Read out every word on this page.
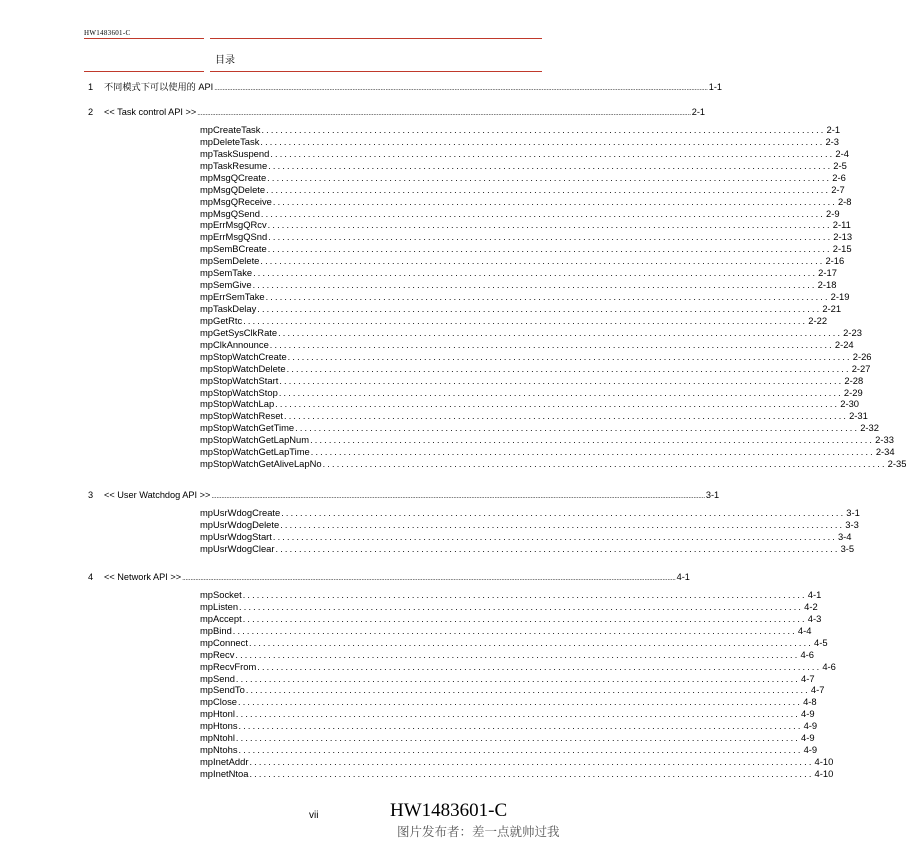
HW1483601-C
目录
1 不同模式下可以使用的 API ............................................................................................................................................................................................................................................................................................................ 1-1
2 << Task control API >> ............................................................................................................................................................................................................................................................................................................ 2-1
mpCreateTask ........................................................................................................................ 2-1
mpDeleteTask ........................................................................................................................ 2-3
mpTaskSuspend ........................................................................................................................ 2-4
mpTaskResume ........................................................................................................................ 2-5
mpMsgQCreate ........................................................................................................................ 2-6
mpMsgQDelete ........................................................................................................................ 2-7
mpMsgQReceive ........................................................................................................................ 2-8
mpMsgQSend ........................................................................................................................ 2-9
mpErrMsgQRcv ........................................................................................................................ 2-11
mpErrMsgQSnd ........................................................................................................................ 2-13
mpSemBCreate ........................................................................................................................ 2-15
mpSemDelete ........................................................................................................................ 2-16
mpSemTake ........................................................................................................................ 2-17
mpSemGive ........................................................................................................................ 2-18
mpErrSemTake ........................................................................................................................ 2-19
mpTaskDelay ........................................................................................................................ 2-21
mpGetRtc ........................................................................................................................ 2-22
mpGetSysClkRate ........................................................................................................................ 2-23
mpClkAnnounce ........................................................................................................................ 2-24
mpStopWatchCreate ........................................................................................................................ 2-26
mpStopWatchDelete ........................................................................................................................ 2-27
mpStopWatchStart ........................................................................................................................ 2-28
mpStopWatchStop ........................................................................................................................ 2-29
mpStopWatchLap ........................................................................................................................ 2-30
mpStopWatchReset ........................................................................................................................ 2-31
mpStopWatchGetTime ........................................................................................................................ 2-32
mpStopWatchGetLapNum ........................................................................................................................ 2-33
mpStopWatchGetLapTime ........................................................................................................................ 2-34
mpStopWatchGetAliveLapNo ........................................................................................................................ 2-35
3 << User Watchdog API >> ............................................................................................................................................................................................................................................................................................................ 3-1
mpUsrWdogCreate ........................................................................................................................ 3-1
mpUsrWdogDelete ........................................................................................................................ 3-3
mpUsrWdogStart ........................................................................................................................ 3-4
mpUsrWdogClear ........................................................................................................................ 3-5
4 << Network API >> ............................................................................................................................................................................................................................................................................................................ 4-1
mpSocket ........................................................................................................................ 4-1
mpListen ........................................................................................................................ 4-2
mpAccept ........................................................................................................................ 4-3
mpBind ........................................................................................................................ 4-4
mpConnect ........................................................................................................................ 4-5
mpRecv ........................................................................................................................ 4-6
mpRecvFrom ........................................................................................................................ 4-6
mpSend ........................................................................................................................ 4-7
mpSendTo ........................................................................................................................ 4-7
mpClose ........................................................................................................................ 4-8
mpHtonl ........................................................................................................................ 4-9
mpHtons ........................................................................................................................ 4-9
mpNtohl ........................................................................................................................ 4-9
mpNtohs ........................................................................................................................ 4-9
mpInetAddr ........................................................................................................................ 4-10
mpInetNtoa ........................................................................................................................ 4-10
vii	HW1483601-C
图片发布者：差一点就帅过我
